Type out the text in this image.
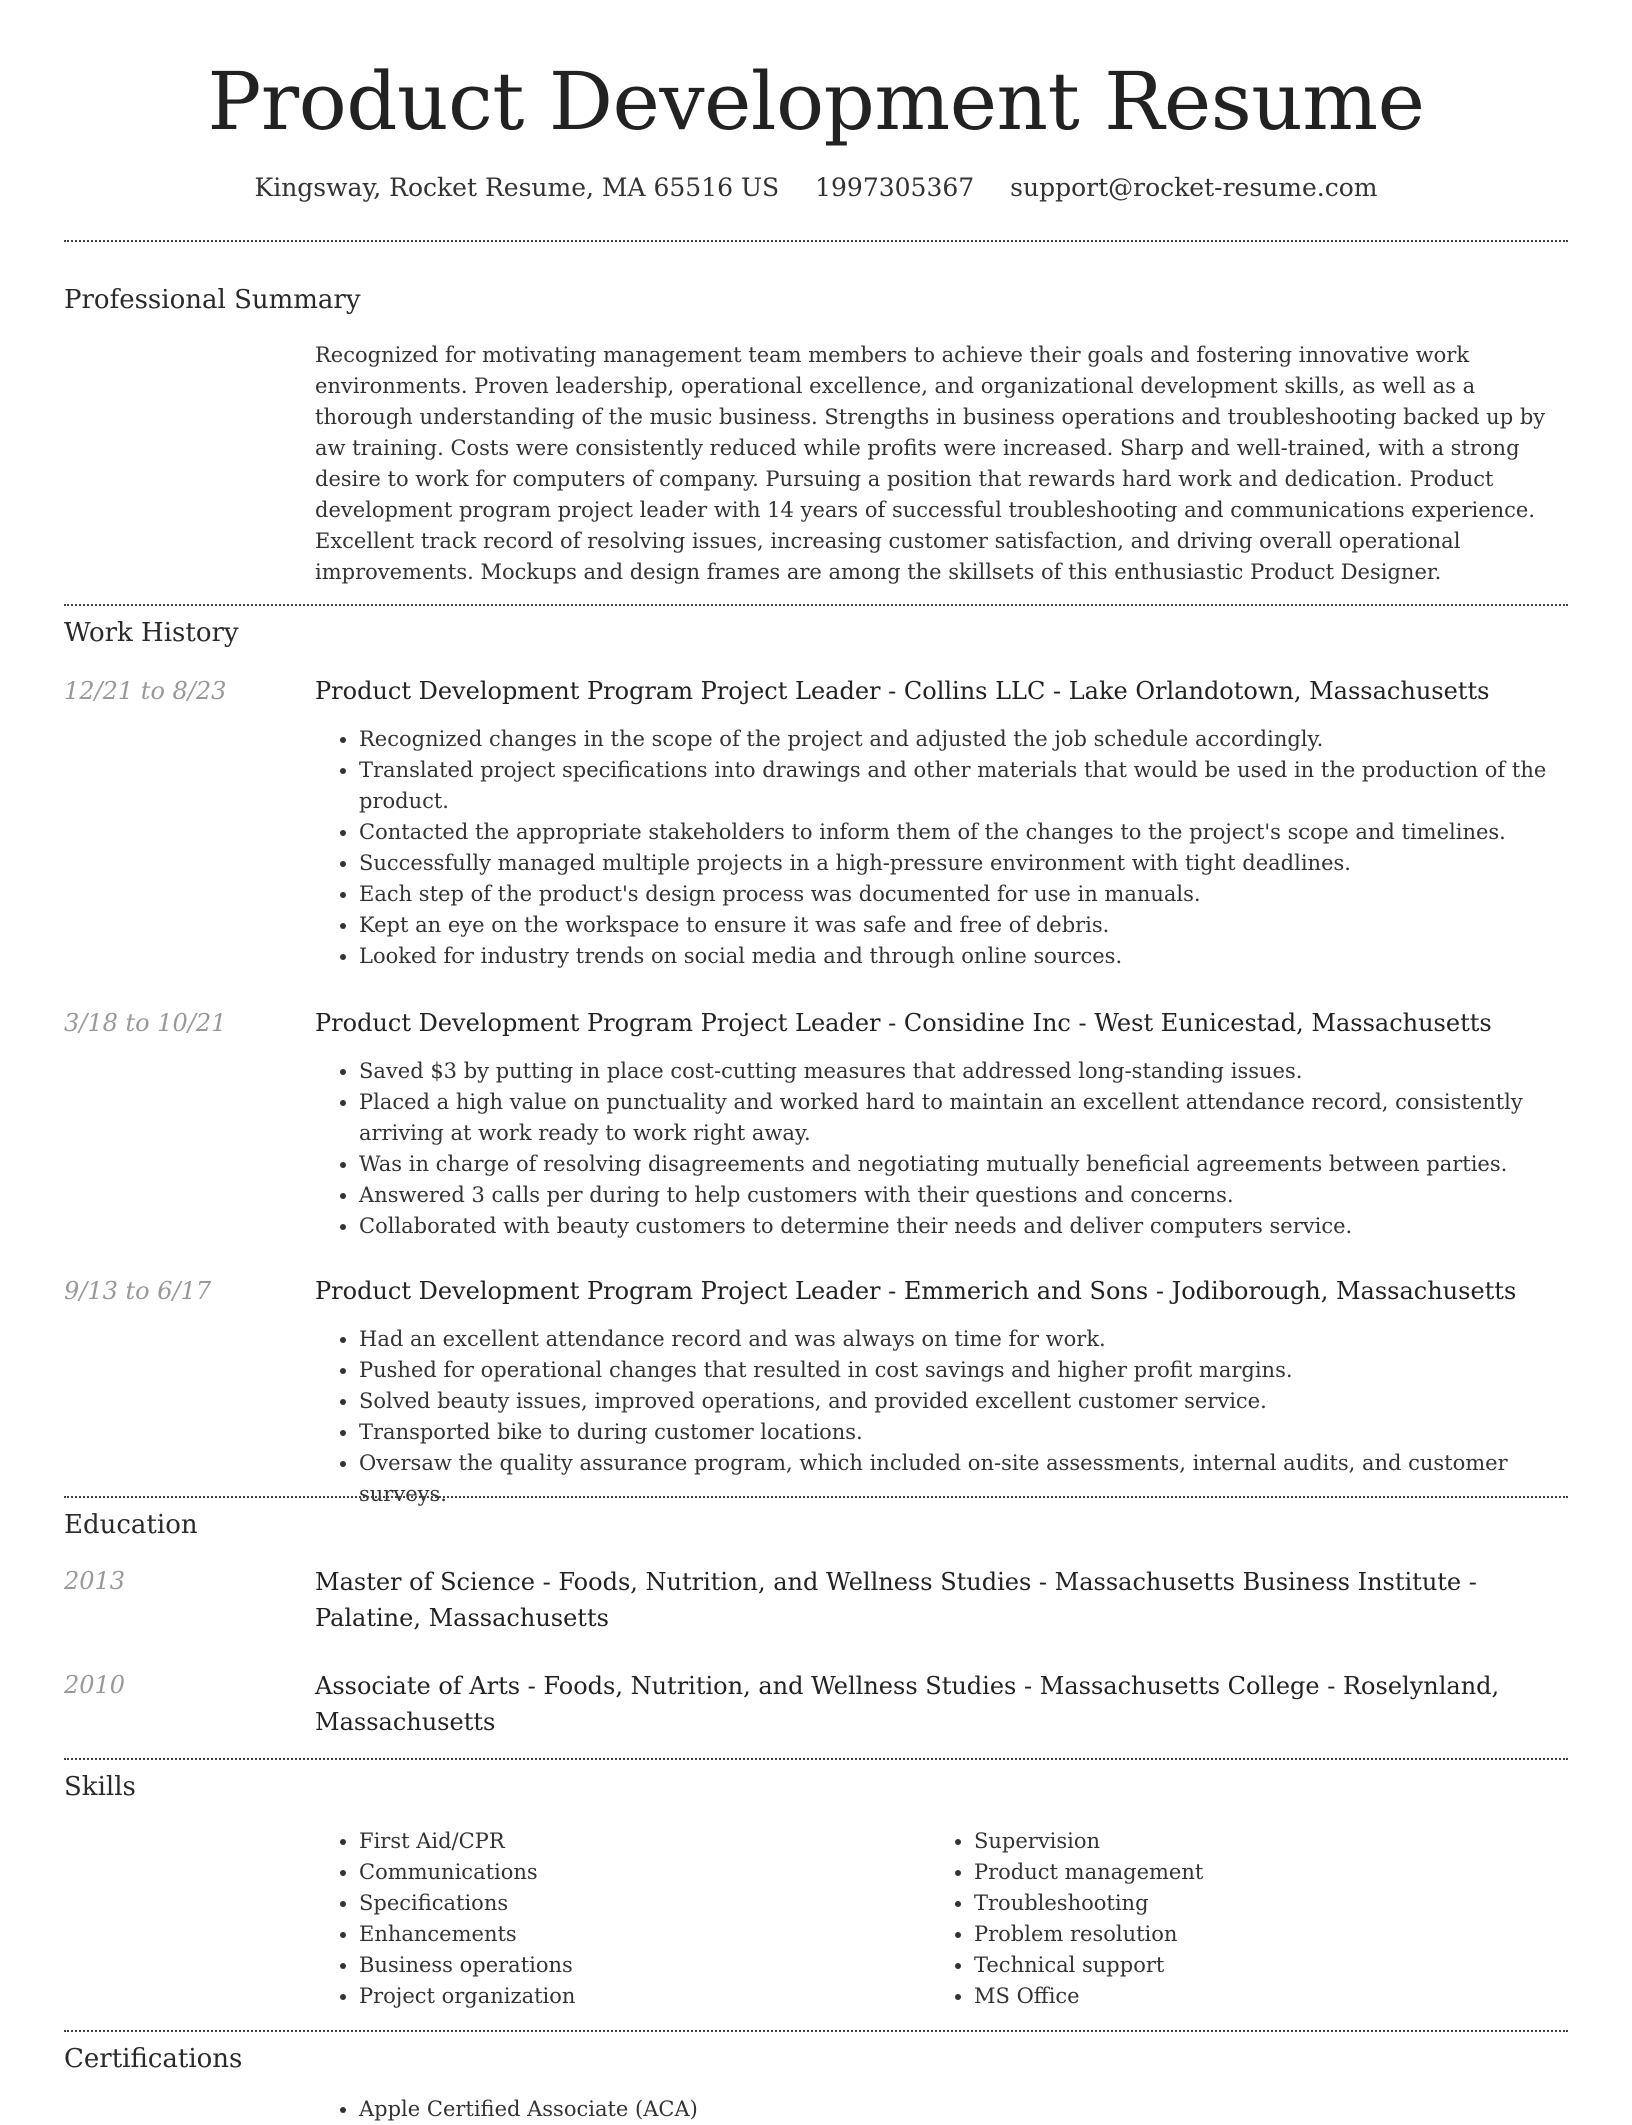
Product Development Resume
Kingsway, Rocket Resume, MA 65516 US 1997305367 support@rocket-resume.com
Professional Summary
Recognized for motivating management team members to achieve their goals and fostering innovative work environments. Proven leadership, operational excellence, and organizational development skills, as well as a thorough understanding of the music business. Strengths in business operations and troubleshooting backed up by aw training. Costs were consistently reduced while profits were increased. Sharp and well-trained, with a strong desire to work for computers of company. Pursuing a position that rewards hard work and dedication. Product development program project leader with 14 years of successful troubleshooting and communications experience. Excellent track record of resolving issues, increasing customer satisfaction, and driving overall operational improvements. Mockups and design frames are among the skillsets of this enthusiastic Product Designer.
Work History
12/21 to 8/23	Product Development Program Project Leader - Collins LLC - Lake Orlandotown, Massachusetts
• Recognized changes in the scope of the project and adjusted the job schedule accordingly.
• Translated project specifications into drawings and other materials that would be used in the production of the product.
• Contacted the appropriate stakeholders to inform them of the changes to the project's scope and timelines.
• Successfully managed multiple projects in a high-pressure environment with tight deadlines.
• Each step of the product's design process was documented for use in manuals.
• Kept an eye on the workspace to ensure it was safe and free of debris.
• Looked for industry trends on social media and through online sources.
3/18 to 10/21	Product Development Program Project Leader - Considine Inc - West Eunicestad, Massachusetts
• Saved $3 by putting in place cost-cutting measures that addressed long-standing issues.
• Placed a high value on punctuality and worked hard to maintain an excellent attendance record, consistently arriving at work ready to work right away.
• Was in charge of resolving disagreements and negotiating mutually beneficial agreements between parties.
• Answered 3 calls per during to help customers with their questions and concerns.
• Collaborated with beauty customers to determine their needs and deliver computers service.
9/13 to 6/17	Product Development Program Project Leader - Emmerich and Sons - Jodiborough, Massachusetts
• Had an excellent attendance record and was always on time for work.
• Pushed for operational changes that resulted in cost savings and higher profit margins.
• Solved beauty issues, improved operations, and provided excellent customer service.
• Transported bike to during customer locations.
• Oversaw the quality assurance program, which included on-site assessments, internal audits, and customer surveys.
Education
2013	Master of Science - Foods, Nutrition, and Wellness Studies - Massachusetts Business Institute - Palatine, Massachusetts
2010	Associate of Arts - Foods, Nutrition, and Wellness Studies - Massachusetts College - Roselynland, Massachusetts
Skills
• First Aid/CPR
• Communications
• Specifications
• Enhancements
• Business operations
• Project organization
• Supervision
• Product management
• Troubleshooting
• Problem resolution
• Technical support
• MS Office
Certifications
• Apple Certified Associate (ACA)
